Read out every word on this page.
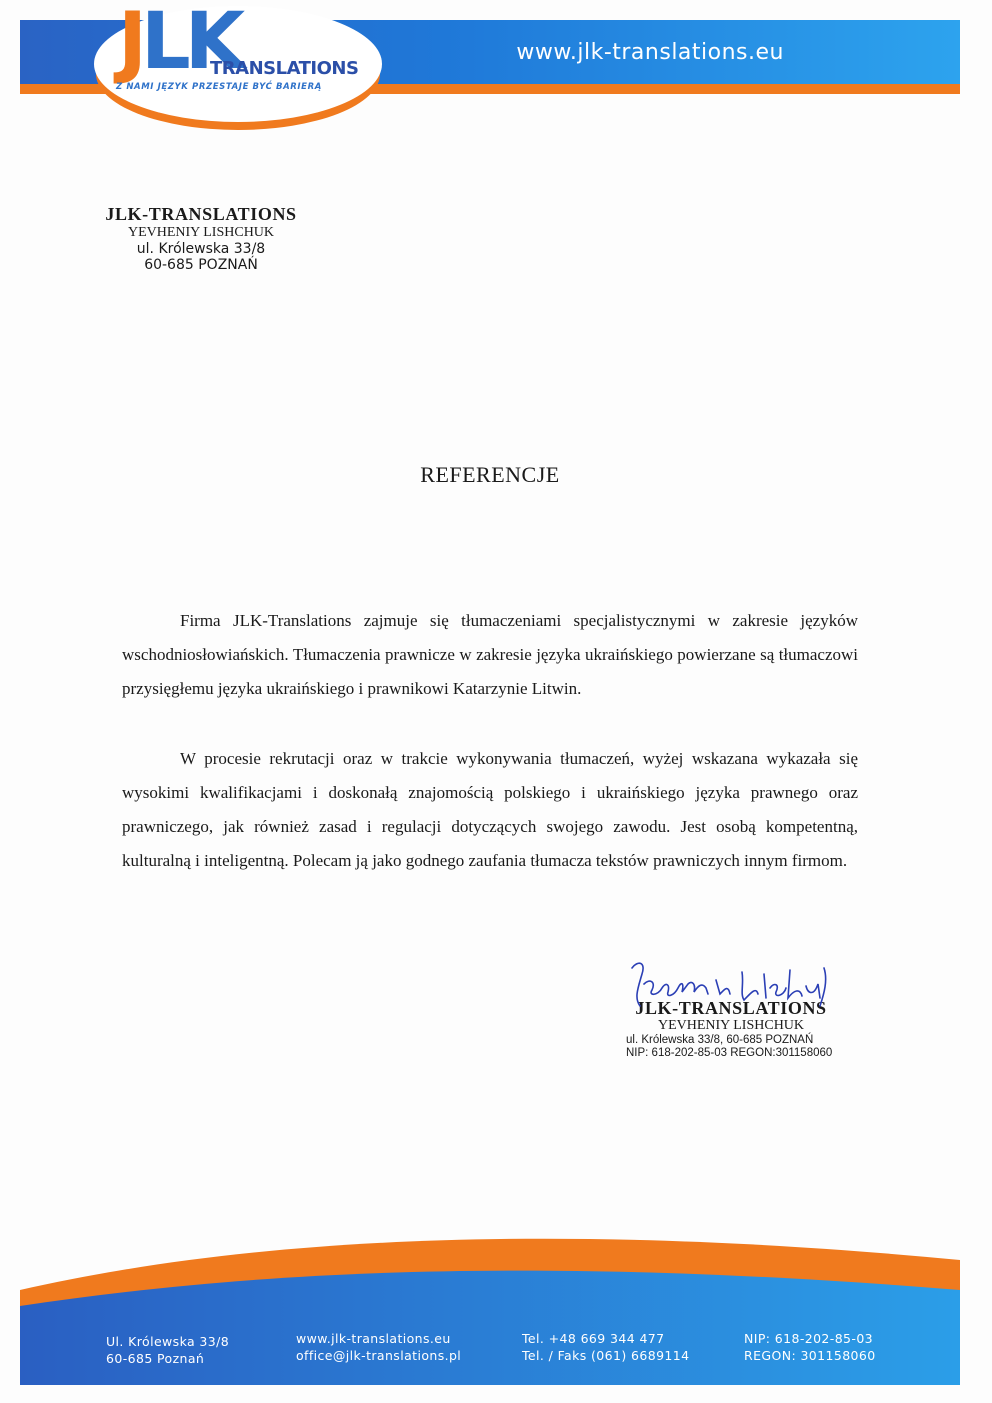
www.jlk-translations.eu
JLK
TRANSLATIONS
Z NAMI JĘZYK PRZESTAJE BYĆ BARIERĄ
JLK-TRANSLATIONS
YEVHENIY LISHCHUK
ul. Królewska 33/8
60-685 POZNAŃ
REFERENCJE

Firma JLK-Translations zajmuje się tłumaczeniami specjalistycznymi w zakresie języków wschodniosłowiańskich. Tłumaczenia prawnicze w zakresie języka ukraińskiego powierzane są tłumaczowi przysięgłemu języka ukraińskiego i prawnikowi Katarzynie Litwin.

W procesie rekrutacji oraz w trakcie wykonywania tłumaczeń, wyżej wskazana wykazała się wysokimi kwalifikacjami i doskonałą znajomością polskiego i ukraińskiego języka prawnego oraz prawniczego, jak również zasad i regulacji dotyczących swojego zawodu. Jest osobą kompetentną, kulturalną i inteligentną. Polecam ją jako godnego zaufania tłumacza tekstów prawniczych innym firmom.

JLK-TRANSLATIONS
YEVHENIY LISHCHUK
ul. Królewska 33/8, 60-685 POZNAŃ
NIP: 618-202-85-03 REGON:301158060
Ul. Królewska 33/8
60-685 Poznań
www.jlk-translations.eu
office@jlk-translations.pl
Tel. +48 669 344 477
Tel. / Faks (061) 6689114
NIP: 618-202-85-03
REGON: 301158060
